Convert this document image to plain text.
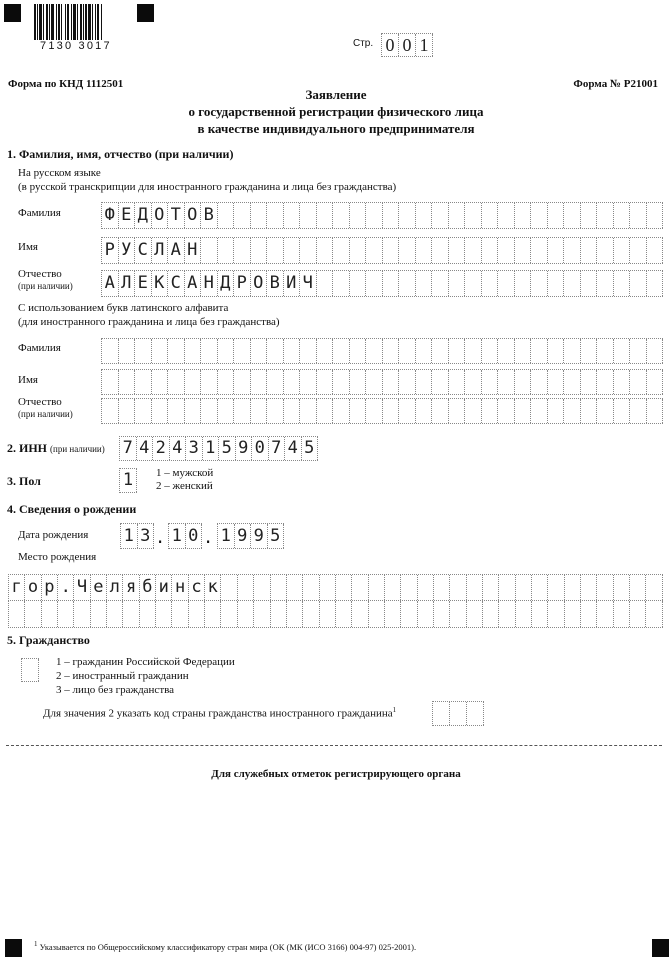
7130 3017	Стр. 0 0 1
Форма по КНД 1112501	Форма № Р21001
Заявление
о государственной регистрации физического лица
в качестве индивидуального предпринимателя
1. Фамилия, имя, отчество (при наличии)
На русском языке
(в русской транскрипции для иностранного гражданина и лица без гражданства)
Фамилия	Ф Е Д О Т О В
Имя	Р У С Л А Н
Отчество
(при наличии) А Л Е К С А Н Д Р О В И Ч
С использованием букв латинского алфавита
(для иностранного гражданина и лица без гражданства)
Фамилия
Имя
Отчество
(при наличии)
2. ИНН (при наличии) 7 4 2 4 3 1 5 9 0 7 4 5
3. Пол	1	1 – мужской
2 – женский
4. Сведения о рождении
Дата рождения 1 3 . 1 0 . 1 9 9 5
Место рождения
г о р . Ч е л я б и н с к
5. Гражданство
1 – гражданин Российской Федерации
2 – иностранный гражданин
3 – лицо без гражданства
Для значения 2 указать код страны гражданства иностранного гражданина$^1$
Для служебных отметок регистрирующего органа
$^1$ Указывается по Общероссийскому классификатору стран мира (ОК (МК (ИСО 3166) 004-97) 025-2001).
